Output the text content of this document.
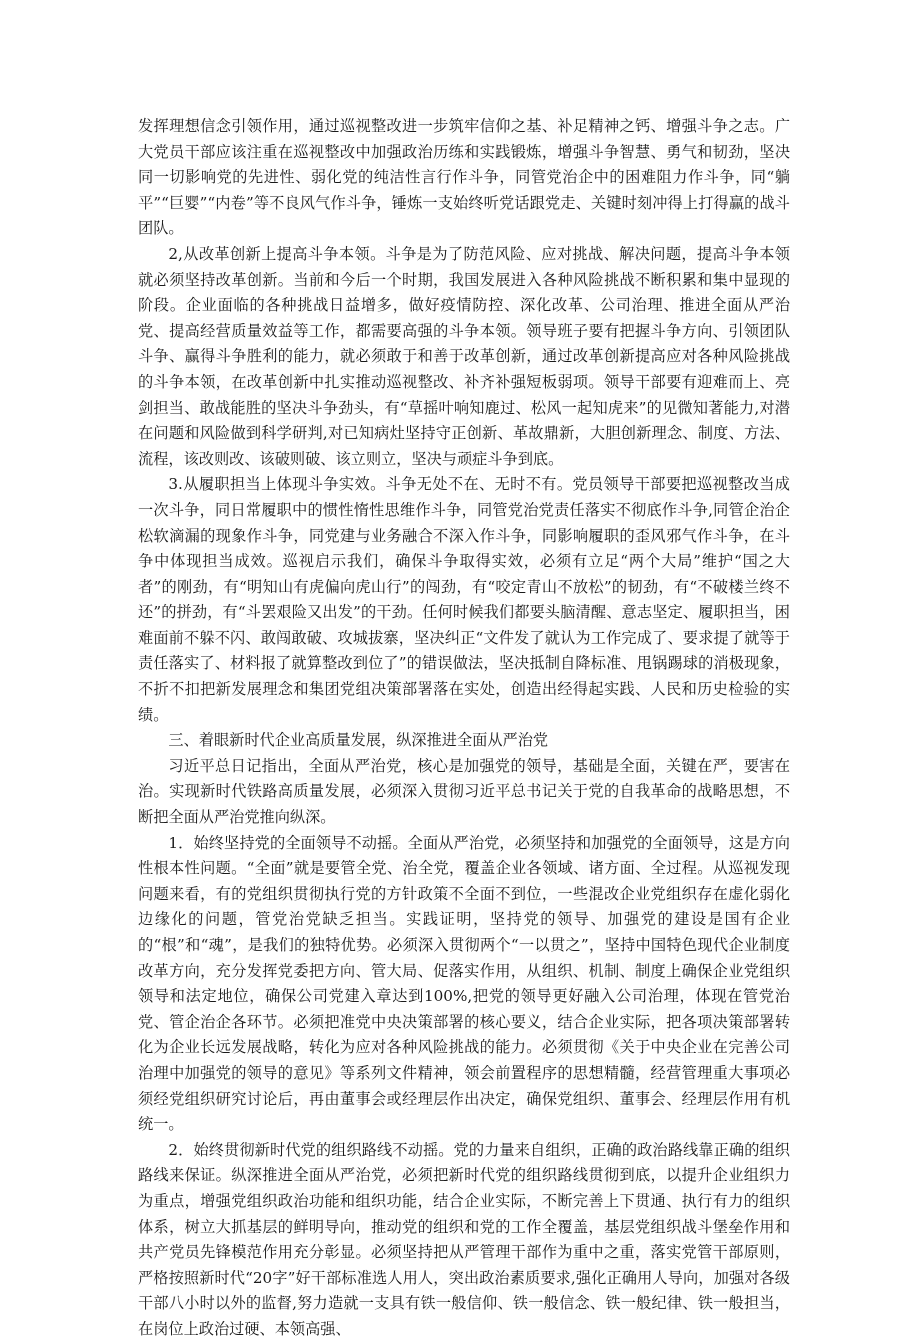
发挥理想信念引领作用，通过巡视整改进一步筑牢信仰之基、补足精神之钙、增强斗争之志。广大党员干部应该注重在巡视整改中加强政治历练和实践锻炼，增强斗争智慧、勇气和韧劲，坚决同一切影响党的先进性、弱化党的纯洁性言行作斗争，同管党治企中的困难阻力作斗争，同“躺平”“巨婴”“内卷”等不良风气作斗争，锤炼一支始终听党话跟党走、关键时刻冲得上打得赢的战斗团队。

2,从改革创新上提高斗争本领。斗争是为了防范风险、应对挑战、解决问题，提高斗争本领就必须坚持改革创新。当前和今后一个时期，我国发展进入各种风险挑战不断积累和集中显现的阶段。企业面临的各种挑战日益增多，做好疫情防控、深化改革、公司治理、推进全面从严治党、提高经营质量效益等工作，都需要高强的斗争本领。领导班子要有把握斗争方向、引领团队斗争、赢得斗争胜利的能力，就必须敢于和善于改革创新，通过改革创新提高应对各种风险挑战的斗争本领，在改革创新中扎实推动巡视整改、补齐补强短板弱项。领导干部要有迎难而上、亮剑担当、敢战能胜的坚决斗争劲头，有“草摇叶响知鹿过、松风一起知虎来”的见微知著能力,对潜在问题和风险做到科学研判,对已知病灶坚持守正创新、革故鼎新，大胆创新理念、制度、方法、流程，该改则改、该破则破、该立则立，坚决与顽症斗争到底。

3.从履职担当上体现斗争实效。斗争无处不在、无时不有。党员领导干部要把巡视整改当成一次斗争，同日常履职中的惯性惰性思维作斗争，同管党治党责任落实不彻底作斗争,同管企治企松软滴漏的现象作斗争，同党建与业务融合不深入作斗争，同影响履职的歪风邪气作斗争，在斗争中体现担当成效。巡视启示我们，确保斗争取得实效，必须有立足“两个大局”维护“国之大者”的刚劲，有“明知山有虎偏向虎山行”的闯劲，有“咬定青山不放松”的韧劲，有“不破楼兰终不还”的拼劲，有“斗罢艰险又出发”的干劲。任何时候我们都要头脑清醒、意志坚定、履职担当，困难面前不躲不闪、敢闯敢破、攻城拔寨，坚决纠正“文件发了就认为工作完成了、要求提了就等于责任落实了、材料报了就算整改到位了”的错误做法，坚决抵制自降标准、甩锅踢球的消极现象，不折不扣把新发展理念和集团党组决策部署落在实处，创造出经得起实践、人民和历史检验的实绩。

三、着眼新时代企业高质量发展，纵深推进全面从严治党

习近平总日记指出，全面从严治党，核心是加强党的领导，基础是全面，关键在严，要害在治。实现新时代铁路高质量发展，必须深入贯彻习近平总书记关于党的自我革命的战略思想，不断把全面从严治党推向纵深。

1．始终坚持党的全面领导不动摇。全面从严治党，必须坚持和加强党的全面领导，这是方向性根本性问题。“全面”就是要管全党、治全党，覆盖企业各领域、诸方面、全过程。从巡视发现问题来看，有的党组织贯彻执行党的方针政策不全面不到位，一些混改企业党组织存在虚化弱化边缘化的问题，管党治党缺乏担当。实践证明，坚持党的领导、加强党的建设是国有企业的“根”和“魂”，是我们的独特优势。必须深入贯彻两个“一以贯之”，坚持中国特色现代企业制度改革方向，充分发挥党委把方向、管大局、促落实作用，从组织、机制、制度上确保企业党组织领导和法定地位，确保公司党建入章达到100%,把党的领导更好融入公司治理，体现在管党治党、管企治企各环节。必须把准党中央决策部署的核心要义，结合企业实际，把各项决策部署转化为企业长远发展战略，转化为应对各种风险挑战的能力。必须贯彻《关于中央企业在完善公司治理中加强党的领导的意见》等系列文件精神，领会前置程序的思想精髓，经营管理重大事项必须经党组织研究讨论后，再由董事会或经理层作出决定，确保党组织、董事会、经理层作用有机统一。

2．始终贯彻新时代党的组织路线不动摇。党的力量来自组织，正确的政治路线靠正确的组织路线来保证。纵深推进全面从严治党，必须把新时代党的组织路线贯彻到底，以提升企业组织力为重点，增强党组织政治功能和组织功能，结合企业实际，不断完善上下贯通、执行有力的组织体系，树立大抓基层的鲜明导向，推动党的组织和党的工作全覆盖，基层党组织战斗堡垒作用和共产党员先锋模范作用充分彰显。必须坚持把从严管理干部作为重中之重，落实党管干部原则，严格按照新时代“20字”好干部标准选人用人，突出政治素质要求,强化正确用人导向，加强对各级干部八小时以外的监督,努力造就一支具有铁一般信仰、铁一般信念、铁一般纪律、铁一般担当，在岗位上政治过硬、本领高强、
